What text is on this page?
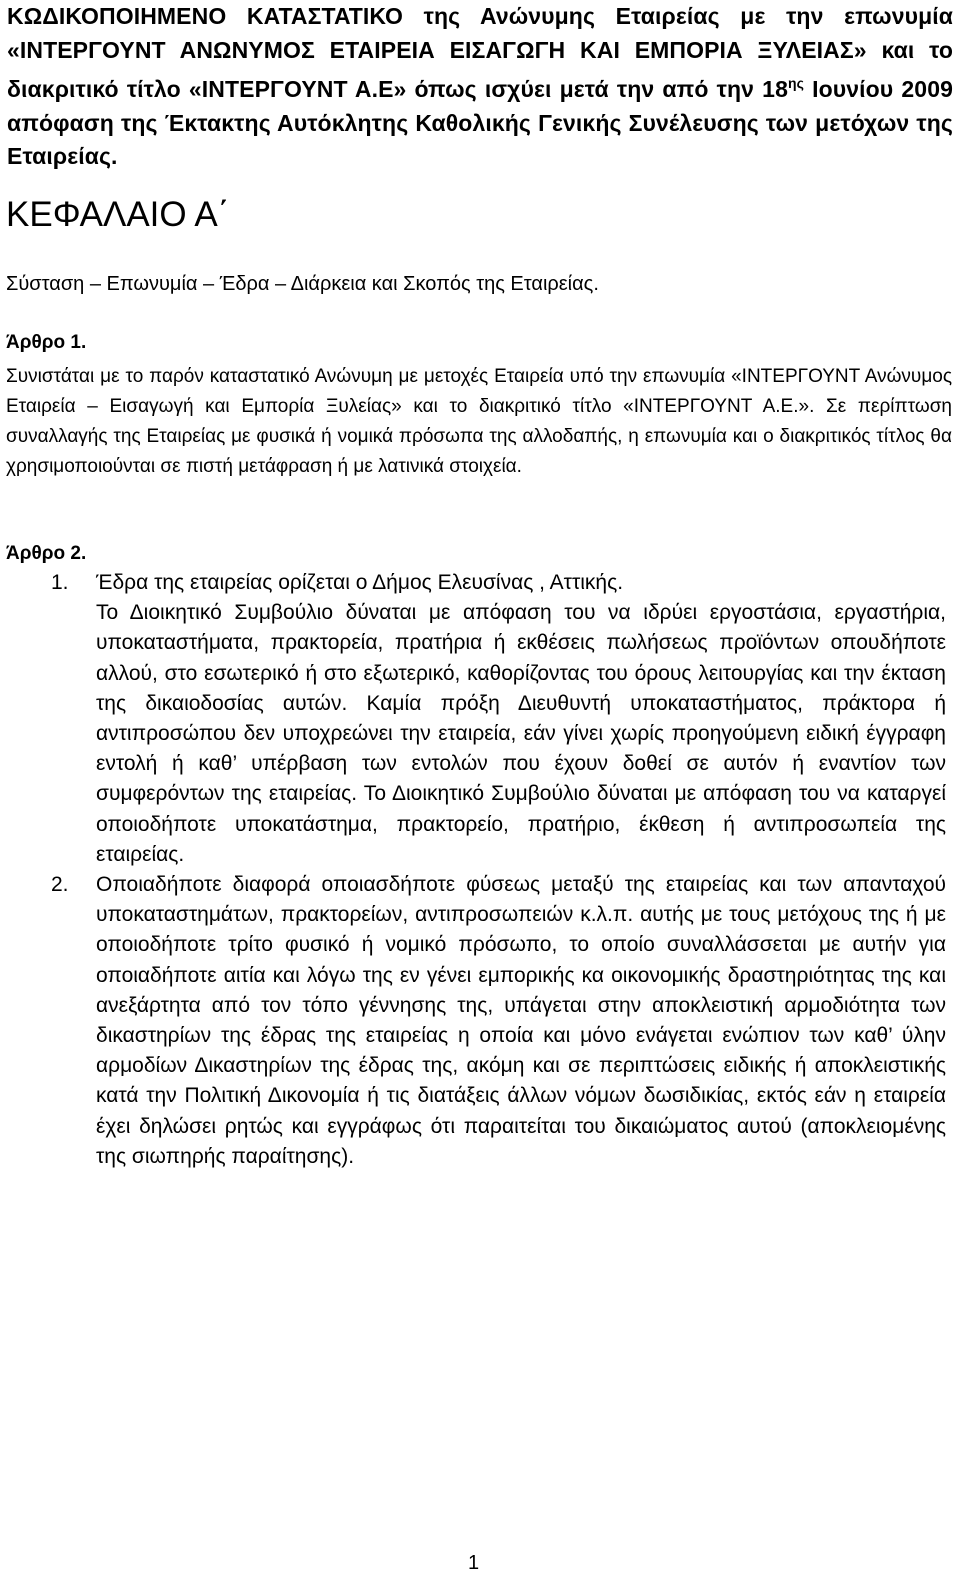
ΚΩΔΙΚΟΠΟΙΗΜΕΝΟ ΚΑΤΑΣΤΑΤΙΚΟ της Ανώνυμης Εταιρείας με την επωνυμία «ΙΝΤΕΡΓΟΥΝΤ ΑΝΩΝΥΜΟΣ ΕΤΑΙΡΕΙΑ ΕΙΣΑΓΩΓΗ ΚΑΙ ΕΜΠΟΡΙΑ ΞΥΛΕΙΑΣ» και το διακριτικό τίτλο «ΙΝΤΕΡΓΟΥΝΤ Α.Ε» όπως ισχύει μετά την από την $18^{\eta\varsigma}$ Ιουνίου 2009 απόφαση της Έκτακτης Αυτόκλητης Καθολικής Γενικής Συνέλευσης των μετόχων της Εταιρείας.
ΚΕΦΑΛΑΙΟ Α΄
Σύσταση – Επωνυμία – Έδρα – Διάρκεια και Σκοπός της Εταιρείας.
Άρθρο 1.
Συνιστάται με το παρόν καταστατικό Ανώνυμη με μετοχές Εταιρεία υπό την επωνυμία «ΙΝΤΕΡΓΟΥΝΤ Ανώνυμος Εταιρεία – Εισαγωγή και Εμπορία Ξυλείας» και το διακριτικό τίτλο «ΙΝΤΕΡΓΟΥΝΤ Α.Ε.». Σε περίπτωση συναλλαγής της Εταιρείας με φυσικά ή νομικά πρόσωπα της αλλοδαπής, η επωνυμία και ο διακριτικός τίτλος θα χρησιμοποιούνται σε πιστή μετάφραση ή με λατινικά στοιχεία.
Άρθρο 2.
1. Έδρα της εταιρείας ορίζεται ο Δήμος Ελευσίνας , Αττικής.

Το Διοικητικό Συμβούλιο δύναται με απόφαση του να ιδρύει εργοστάσια, εργαστήρια, υποκαταστήματα, πρακτορεία, πρατήρια ή εκθέσεις πωλήσεως προϊόντων οπουδήποτε αλλού, στο εσωτερικό ή στο εξωτερικό, καθορίζοντας του όρους λειτουργίας και την έκταση της δικαιοδοσίας αυτών. Καμία πρόξη Διευθυντή υποκαταστήματος, πράκτορα ή αντιπροσώπου δεν υποχρεώνει την εταιρεία, εάν γίνει χωρίς προηγούμενη ειδική έγγραφη εντολή ή καθ’ υπέρβαση των εντολών που έχουν δοθεί σε αυτόν ή εναντίον των συμφερόντων της εταιρείας. Το Διοικητικό Συμβούλιο δύναται με απόφαση του να καταργεί οποιοδήποτε υποκατάστημα, πρακτορείο, πρατήριο, έκθεση ή αντιπροσωπεία της εταιρείας.

2. Οποιαδήποτε διαφορά οποιασδήποτε φύσεως μεταξύ της εταιρείας και των απανταχού υποκαταστημάτων, πρακτορείων, αντιπροσωπειών κ.λ.π. αυτής με τους μετόχους της ή με οποιοδήποτε τρίτο φυσικό ή νομικό πρόσωπο, το οποίο συναλλάσσεται με αυτήν για οποιαδήποτε αιτία και λόγω της εν γένει εμπορικής κα οικονομικής δραστηριότητας της και ανεξάρτητα από τον τόπο γέννησης της, υπάγεται στην αποκλειστική αρμοδιότητα των δικαστηρίων της έδρας της εταιρείας η οποία και μόνο ενάγεται ενώπιον των καθ’ ύλην αρμοδίων Δικαστηρίων της έδρας της, ακόμη και σε περιπτώσεις ειδικής ή αποκλειστικής κατά την Πολιτική Δικονομία ή τις διατάξεις άλλων νόμων δωσιδικίας, εκτός εάν η εταιρεία έχει δηλώσει ρητώς και εγγράφως ότι παραιτείται του δικαιώματος αυτού (αποκλειομένης της σιωπηρής παραίτησης).

1
